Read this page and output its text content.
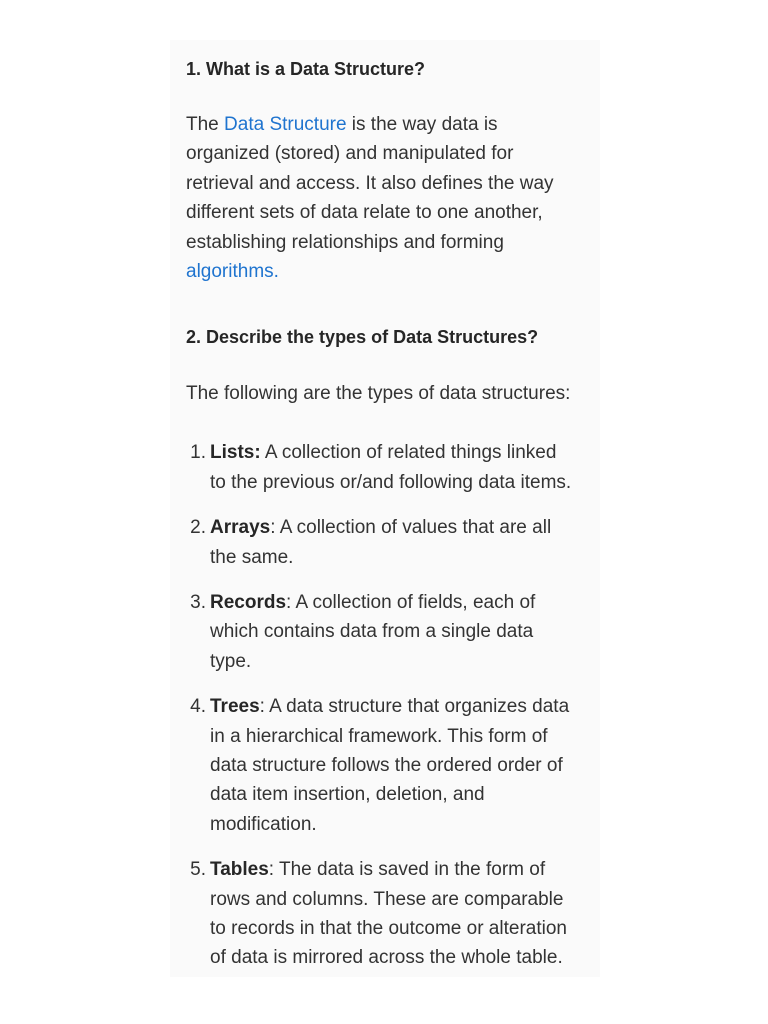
1. What is a Data Structure?

The Data Structure is the way data is organized (stored) and manipulated for retrieval and access. It also defines the way different sets of data relate to one another, establishing relationships and forming algorithms.

2. Describe the types of Data Structures?

The following are the types of data structures:

1. Lists: A collection of related things linked to the previous or/and following data items.
2. Arrays: A collection of values that are all the same.
3. Records: A collection of fields, each of which contains data from a single data type.
4. Trees: A data structure that organizes data in a hierarchical framework. This form of data structure follows the ordered order of data item insertion, deletion, and modification.
5. Tables: The data is saved in the form of rows and columns. These are comparable to records in that the outcome or alteration of data is mirrored across the whole table.
